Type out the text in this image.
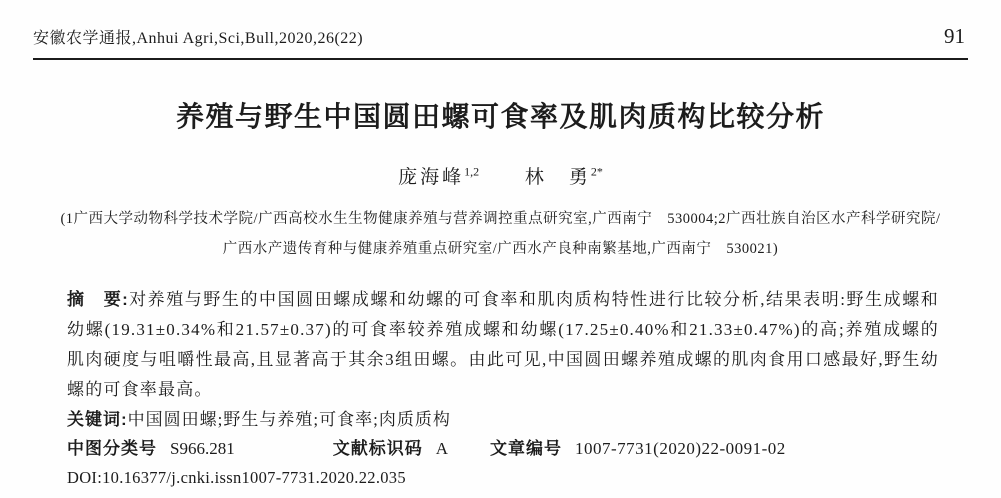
安徽农学通报,Anhui Agri,Sci,Bull,2020,26(22)	91
养殖与野生中国圆田螺可食率及肌肉质构比较分析
庞海峰$^{1,2}$ 林　勇$^{2*}$
(1广西大学动物科学技术学院/广西高校水生生物健康养殖与营养调控重点研究室,广西南宁　530004;2广西壮族自治区水产科学研究院/
广西水产遗传育种与健康养殖重点研究室/广西水产良种南繁基地,广西南宁　530021)

摘　要:对养殖与野生的中国圆田螺成螺和幼螺的可食率和肌肉质构特性进行比较分析,结果表明:野生成螺和幼螺(19.31±0.34%和21.57±0.37)的可食率较养殖成螺和幼螺(17.25±0.40%和21.33±0.47%)的高;养殖成螺的肌肉硬度与咀嚼性最高,且显著高于其余3组田螺。由此可见,中国圆田螺养殖成螺的肌肉食用口感最好,野生幼螺的可食率最高。

关键词:中国圆田螺;野生与养殖;可食率;肉质质构

中图分类号 S966.281	文献标识码 A 文章编号 1007-7731(2020)22-0091-02

DOI:10.16377/j.cnki.issn1007-7731.2020.22.035
